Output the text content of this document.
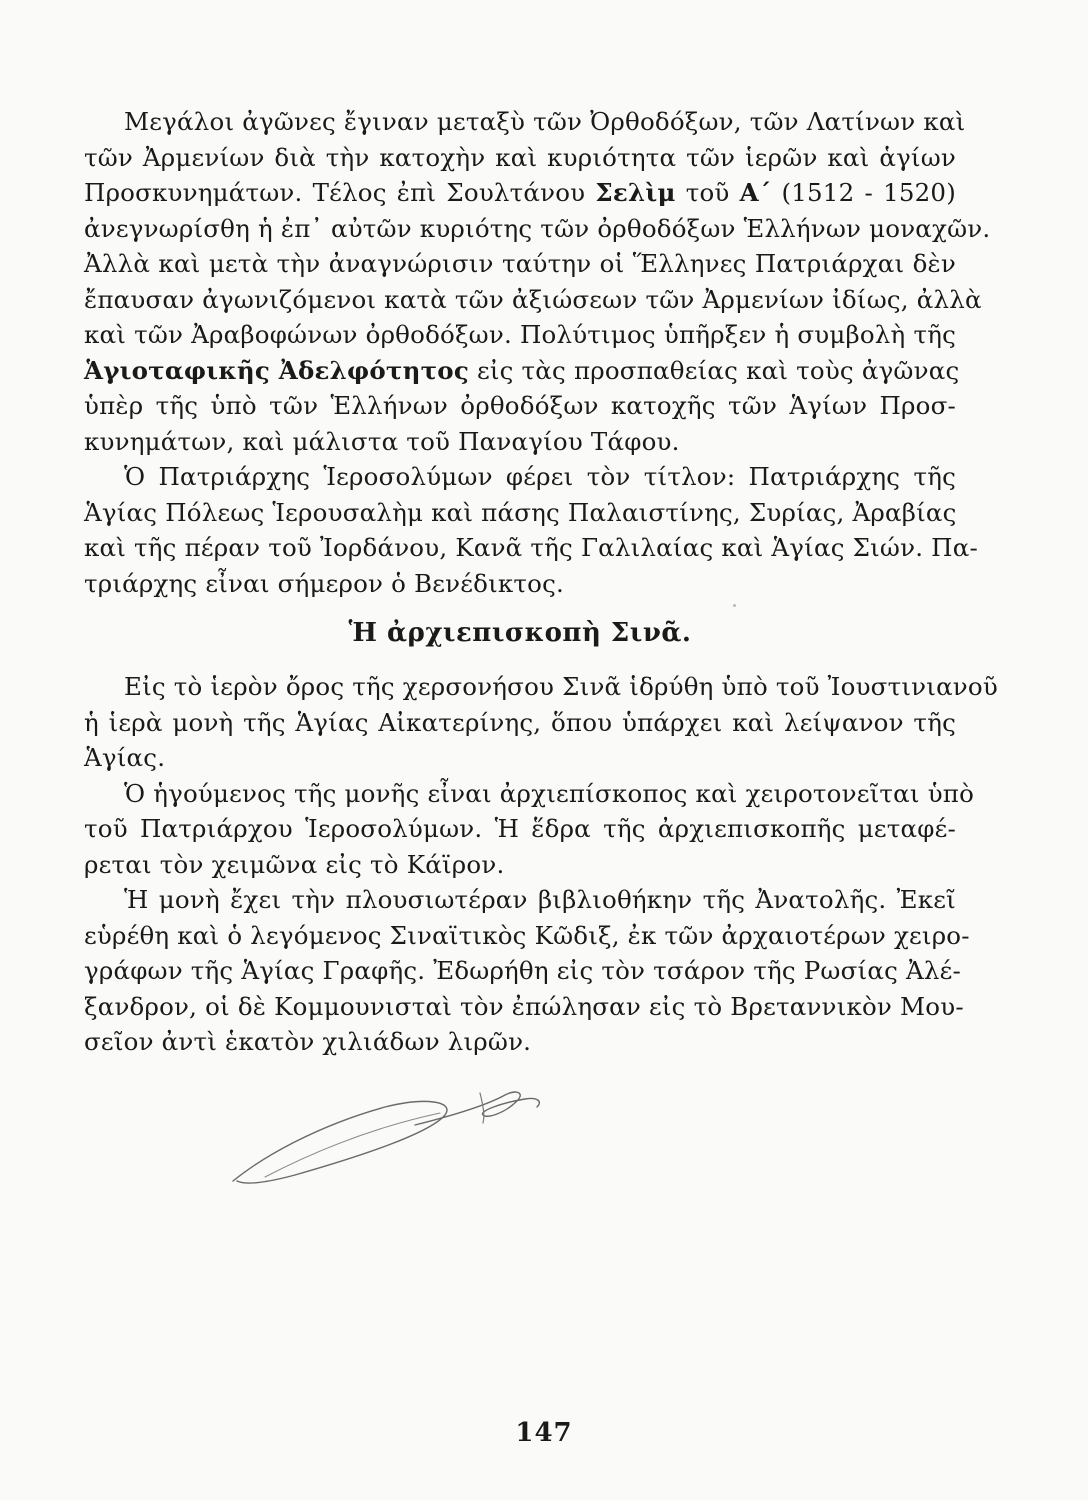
Μεγάλοι ἀγῶνες ἔγιναν μεταξὺ τῶν Ὀρθοδόξων, τῶν Λατίνων καὶ
τῶν Ἀρμενίων διὰ τὴν κατοχὴν καὶ κυριότητα τῶν ἱερῶν καὶ ἁγίων
Προσκυνημάτων. Τέλος ἐπὶ Σουλτάνου Σελὶμ τοῦ Α΄ (1512 - 1520)
ἀνεγνωρίσθη ἡ ἐπ᾽ αὐτῶν κυριότης τῶν ὀρθοδόξων Ἑλλήνων μοναχῶν.
Ἀλλὰ καὶ μετὰ τὴν ἀναγνώρισιν ταύτην οἱ Ἕλληνες Πατριάρχαι δὲν
ἔπαυσαν ἀγωνιζόμενοι κατὰ τῶν ἀξιώσεων τῶν Ἀρμενίων ἰδίως, ἀλλὰ
καὶ τῶν Ἀραβοφώνων ὀρθοδόξων. Πολύτιμος ὑπῆρξεν ἡ συμβολὴ τῆς
Ἁγιοταφικῆς Ἀδελφότητος εἰς τὰς προσπαθείας καὶ τοὺς ἀγῶνας
ὑπὲρ τῆς ὑπὸ τῶν Ἑλλήνων ὀρθοδόξων κατοχῆς τῶν Ἁγίων Προσ-
κυνημάτων, καὶ μάλιστα τοῦ Παναγίου Τάφου.
Ὁ Πατριάρχης Ἱεροσολύμων φέρει τὸν τίτλον: Πατριάρχης τῆς
Ἁγίας Πόλεως Ἱερουσαλὴμ καὶ πάσης Παλαιστίνης, Συρίας, Ἀραβίας
καὶ τῆς πέραν τοῦ Ἰορδάνου, Κανᾶ τῆς Γαλιλαίας καὶ Ἁγίας Σιών. Πα-
τριάρχης εἶναι σήμερον ὁ Βενέδικτος.
Ἡ ἀρχιεπισκοπὴ Σινᾶ.
Εἰς τὸ ἱερὸν ὄρος τῆς χερσονήσου Σινᾶ ἱδρύθη ὑπὸ τοῦ Ἰουστινιανοῦ
ἡ ἱερὰ μονὴ τῆς Ἁγίας Αἰκατερίνης, ὅπου ὑπάρχει καὶ λείψανον τῆς
Ἁγίας.
Ὁ ἡγούμενος τῆς μονῆς εἶναι ἀρχιεπίσκοπος καὶ χειροτονεῖται ὑπὸ
τοῦ Πατριάρχου Ἱεροσολύμων. Ἡ ἕδρα τῆς ἀρχιεπισκοπῆς μεταφέ-
ρεται τὸν χειμῶνα εἰς τὸ Κάϊρον.
Ἡ μονὴ ἔχει τὴν πλουσιωτέραν βιβλιοθήκην τῆς Ἀνατολῆς. Ἐκεῖ
εὑρέθη καὶ ὁ λεγόμενος Σιναϊτικὸς Κῶδιξ, ἐκ τῶν ἀρχαιοτέρων χειρο-
γράφων τῆς Ἁγίας Γραφῆς. Ἐδωρήθη εἰς τὸν τσάρον τῆς Ρωσίας Ἀλέ-
ξανδρον, οἱ δὲ Κομμουνισταὶ τὸν ἐπώλησαν εἰς τὸ Βρεταννικὸν Μου-
σεῖον ἀντὶ ἑκατὸν χιλιάδων λιρῶν.
147
